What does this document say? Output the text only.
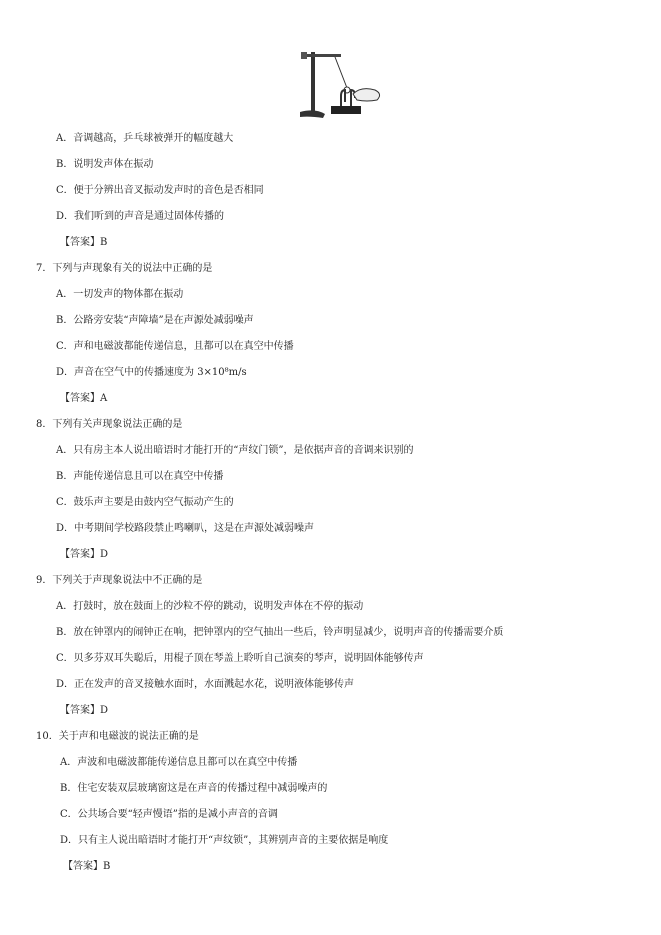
A．音调越高，乒乓球被弹开的幅度越大
B．说明发声体在振动
C．便于分辨出音叉振动发声时的音色是否相同
D．我们听到的声音是通过固体传播的
【答案】B
7．下列与声现象有关的说法中正确的是
A．一切发声的物体都在振动
B．公路旁安装“声障墙”是在声源处减弱噪声
C．声和电磁波都能传递信息，且都可以在真空中传播
D．声音在空气中的传播速度为 3×10⁸m/s
【答案】A
8．下列有关声现象说法正确的是
A．只有房主本人说出暗语时才能打开的“声纹门锁”，是依据声音的音调来识别的
B．声能传递信息且可以在真空中传播
C．鼓乐声主要是由鼓内空气振动产生的
D．中考期间学校路段禁止鸣喇叭，这是在声源处减弱噪声
【答案】D
9．下列关于声现象说法中不正确的是
A．打鼓时，放在鼓面上的沙粒不停的跳动，说明发声体在不停的振动
B．放在钟罩内的闹钟正在响，把钟罩内的空气抽出一些后，铃声明显减少，说明声音的传播需要介质
C．贝多芬双耳失聪后，用棍子顶在琴盖上聆听自己演奏的琴声，说明固体能够传声
D．正在发声的音叉接触水面时，水面溅起水花，说明液体能够传声
【答案】D
10．关于声和电磁波的说法正确的是
A．声波和电磁波都能传递信息且都可以在真空中传播
B．住宅安装双层玻璃窗这是在声音的传播过程中减弱噪声的
C．公共场合要“轻声慢语”指的是减小声音的音调
D．只有主人说出暗语时才能打开“声纹锁”，其辨别声音的主要依据是响度
【答案】B
